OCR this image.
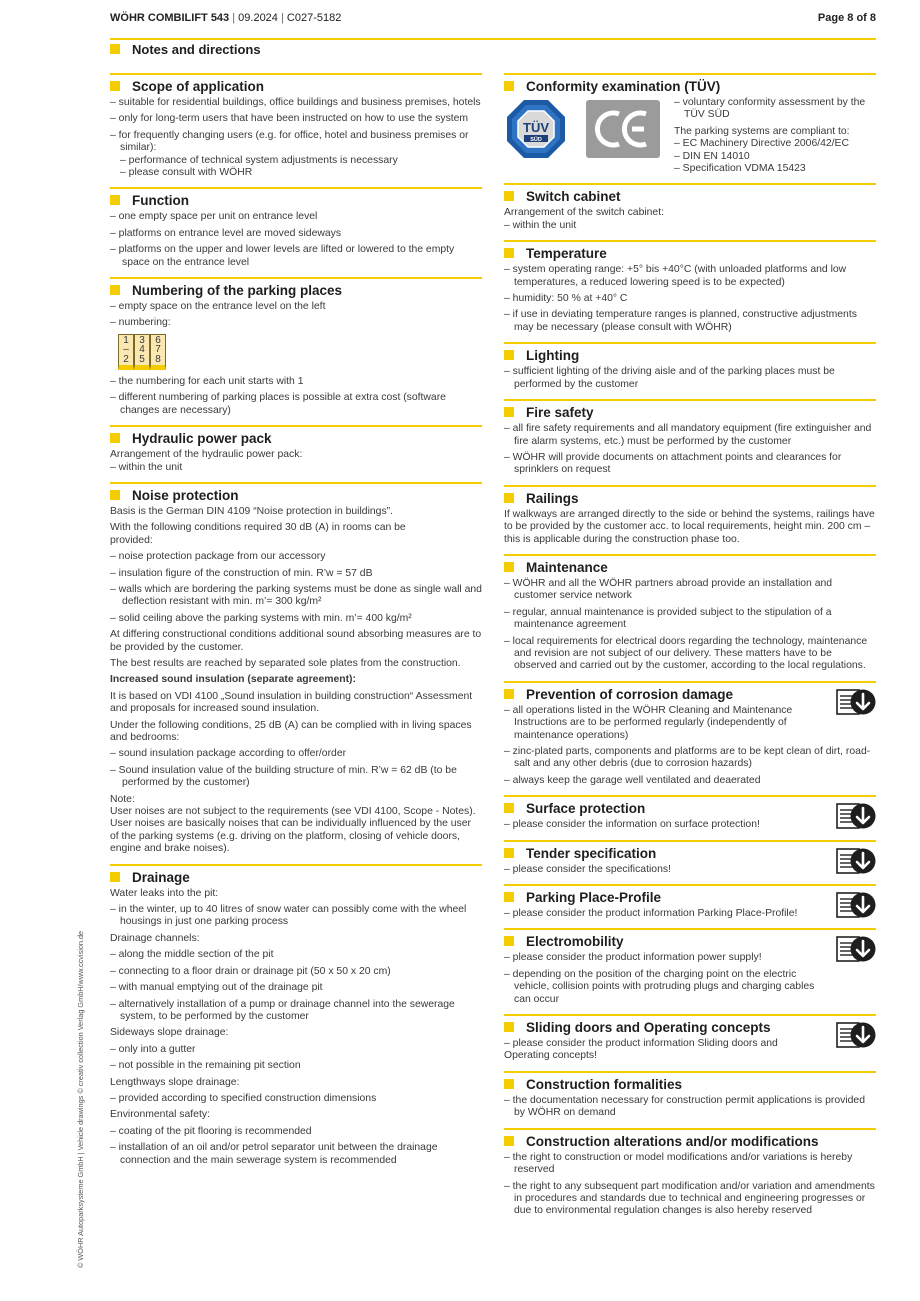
WÖHR COMBILIFT 543 | 09.2024 | C027-5182	Page 8 of 8
Notes and directions
Scope of application
– suitable for residential buildings, office buildings and business premises, hotels
– only for long-term users that have been instructed on how to use the system
– for frequently changing users (e.g. for office, hotel and business premises or similar):
– performance of technical system adjustments is necessary
– please consult with WÖHR
Function
– one empty space per unit on entrance level
– platforms on entrance level are moved sideways
– platforms on the upper and lower levels are lifted or lowered to the empty space on the entrance level
Numbering of the parking places
– empty space on the entrance level on the left
– numbering:
1
–
2
3
4
5
6
7
8
– the numbering for each unit starts with 1
– different numbering of parking places is possible at extra cost (software changes are necessary)
Hydraulic power pack

Arrangement of the hydraulic power pack:

– within the unit

Noise protection

Basis is the German DIN 4109 “Noise protection in buildings”.

With the following conditions required 30 dB (A) in rooms can be provided:

– noise protection package from our accessory
– insulation figure of the construction of min. R’w = 57 dB
– walls which are bordering the parking systems must be done as single wall and deflection resistant with min. m’= 300 kg/m²
– solid ceiling above the parking systems with min. m’= 400 kg/m²

At differing constructional conditions additional sound absorbing measures are to be provided by the customer.

The best results are reached by separated sole plates from the construction.

Increased sound insulation (separate agreement):

It is based on VDI 4100 „Sound insulation in building construction“ Assessment and proposals for increased sound insulation.

Under the following conditions, 25 dB (A) can be complied with in living spaces and bedrooms:

– sound insulation package according to offer/order
– Sound insulation value of the building structure of min. R’w = 62 dB (to be performed by the customer)

Note:

User noises are not subject to the requirements (see VDI 4100, Scope - Notes). User noises are basically noises that can be individually influenced by the user of the parking systems (e.g. driving on the platform, closing of vehicle doors, engine and brake noises).

Drainage

Water leaks into the pit:

– in the winter, up to 40 litres of snow water can possibly come with the wheel housings in just one parking process

Drainage channels:

– along the middle section of the pit
– connecting to a floor drain or drainage pit (50 x 50 x 20 cm)
– with manual emptying out of the drainage pit
– alternatively installation of a pump or drainage channel into the sewerage system, to be performed by the customer

Sideways slope drainage:

– only into a gutter
– not possible in the remaining pit section

Lengthways slope drainage:

– provided according to specified construction dimensions

Environmental safety:

– coating of the pit flooring is recommended
– installation of an oil and/or petrol separator unit between the drainage connection and the main sewerage system is recommended
Conformity examination (TÜV)
TÜV
SÜD
– voluntary conformity assessment by the TÜV SÜD

The parking systems are compliant to:

– EC Machinery Directive 2006/42/EC
– DIN EN 14010
– Specification VDMA 15423
Switch cabinet

Arrangement of the switch cabinet:

– within the unit

Temperature
– system operating range: +5° bis +40°C (with unloaded platforms and low temperatures, a reduced lowering speed is to be expected)
– humidity: 50 % at +40° C
– if use in deviating temperature ranges is planned, constructive adjustments may be necessary (please consult with WÖHR)
Lighting
– sufficient lighting of the driving aisle and of the parking places must be performed by the customer
Fire safety
– all fire safety requirements and all mandatory equipment (fire extinguisher and fire alarm systems, etc.) must be performed by the customer
– WÖHR will provide documents on attachment points and clearances for sprinklers on request
Railings

If walkways are arranged directly to the side or behind the systems, railings have to be provided by the customer acc. to local requirements, height min. 200 cm – this is applicable during the construction phase too.

Maintenance
– WÖHR and all the WÖHR partners abroad provide an installation and customer service network
– regular, annual maintenance is provided subject to the stipulation of a maintenance agreement
– local requirements for electrical doors regarding the technology, maintenance and revision are not subject of our delivery. These matters have to be observed and carried out by the customer, according to the local regulations.
Prevention of corrosion damage
– all operations listed in the WÖHR Cleaning and Maintenance Instructions are to be performed regularly (independently of maintenance operations)
– zinc-plated parts, components and platforms are to be kept clean of dirt, road-salt and any other debris (due to corrosion hazards)
– always keep the garage well ventilated and deaerated
Surface protection
– please consider the information on surface protection!
Tender specification
– please consider the specifications!
Parking Place-Profile
– please consider the product information Parking Place-Profile!
Electromobility
– please consider the product information power supply!
– depending on the position of the charging point on the electric vehicle, collision points with protruding plugs and charging cables can occur
Sliding doors and Operating concepts
– please consider the product information Sliding doors and Operating concepts!
Construction formalities
– the documentation necessary for construction permit applications is provided by WÖHR on demand
Construction alterations and/or modifications
– the right to construction or model modifications and/or variations is hereby reserved
– the right to any subsequent part modification and/or variation and amendments in procedures and standards due to technical and engineering progresses or due to environmental regulation changes is also hereby reserved
© WÖHR Autoparksysteme GmbH | Vehicle drawings © creativ collection Verlag GmbH/www.ccvision.de
